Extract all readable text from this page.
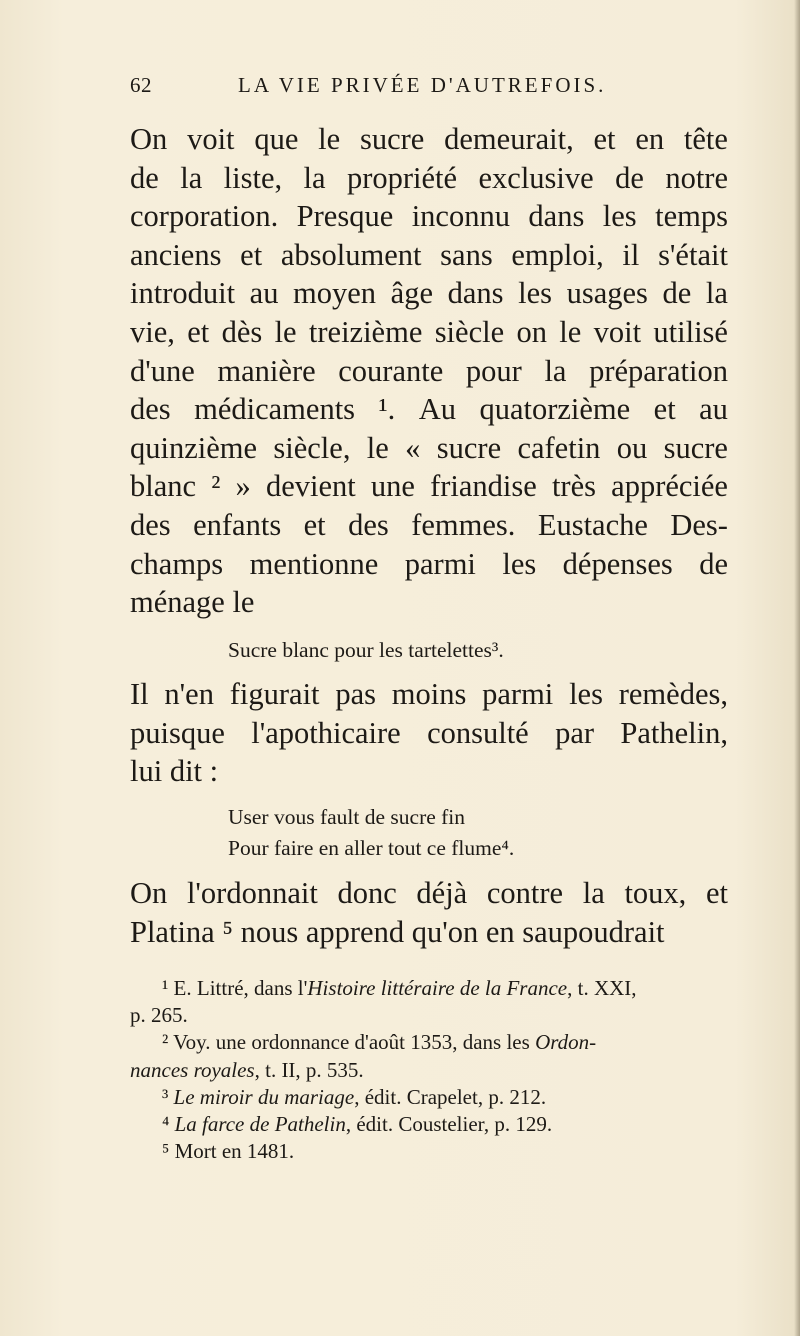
62	LA VIE PRIVÉE D'AUTREFOIS.
On voit que le sucre demeurait, et en tête
de la liste, la propriété exclusive de notre
corporation. Presque inconnu dans les temps
anciens et absolument sans emploi, il s'était
introduit au moyen âge dans les usages de la
vie, et dès le treizième siècle on le voit utilisé
d'une manière courante pour la préparation
des médicaments ¹. Au quatorzième et au
quinzième siècle, le « sucre cafetin ou sucre
blanc ² » devient une friandise très appréciée
des enfants et des femmes. Eustache Des-
champs mentionne parmi les dépenses de
ménage le
Sucre blanc pour les tartelettes³.
Il n'en figurait pas moins parmi les remèdes,
puisque l'apothicaire consulté par Pathelin,
lui dit :
User vous fault de sucre fin
Pour faire en aller tout ce flume⁴.
On l'ordonnait donc déjà contre la toux, et
Platina ⁵ nous apprend qu'on en saupoudrait
¹ E. Littré, dans l'Histoire littéraire de la France, t. XXI,
p. 265.
² Voy. une ordonnance d'août 1353, dans les Ordon-
nances royales, t. II, p. 535.
³ Le miroir du mariage, édit. Crapelet, p. 212.
⁴ La farce de Pathelin, édit. Coustelier, p. 129.
⁵ Mort en 1481.
